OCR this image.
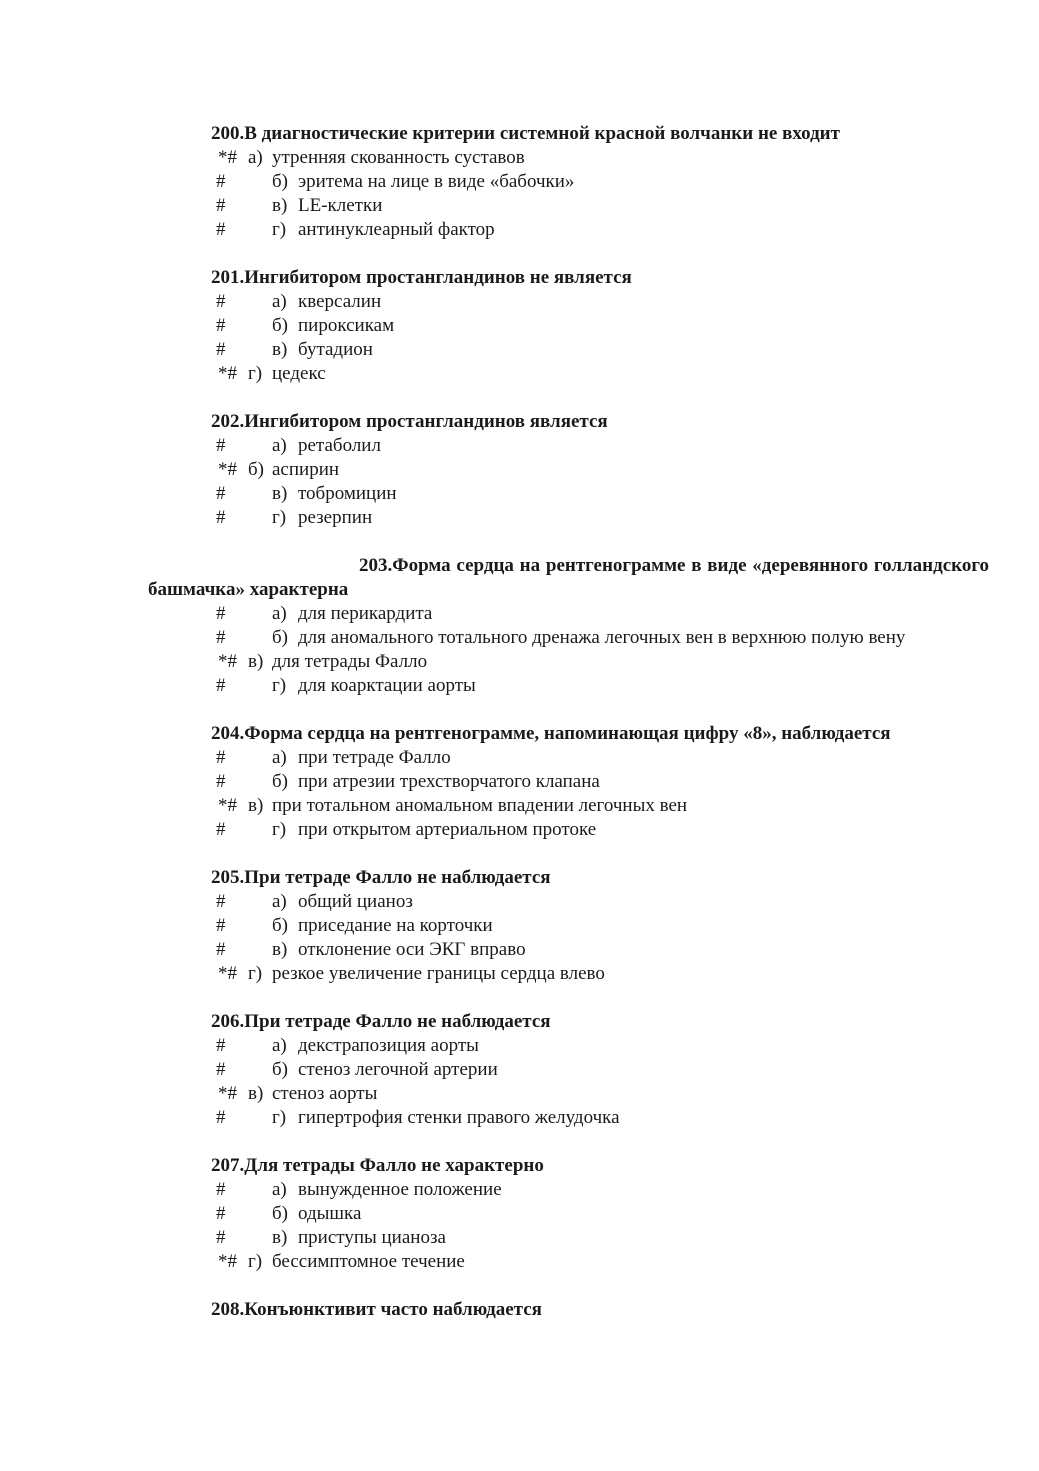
200.В диагностические критерии системной красной волчанки не входит
*# а) утренняя скованность суставов
# б) эритема на лице в виде «бабочки»
# в) LE-клетки
# г) антинуклеарный фактор
201.Ингибитором простангландинов не является
# а) кверсалин
# б) пироксикам
# в) бутадион
*# г) цедекс
202.Ингибитором простангландинов является
# а) ретаболил
*# б) аспирин
# в) тобромицин
# г) резерпин
203.Форма сердца на рентгенограмме в виде «деревянного голландского башмачка» характерна
# а) для перикардита
# б) для аномального тотального дренажа легочных вен в верхнюю полую вену
*# в) для тетрады Фалло
# г) для коарктации аорты
204.Форма сердца на рентгенограмме, напоминающая цифру «8», наблюдается
# а) при тетраде Фалло
# б) при атрезии трехстворчатого клапана
*# в) при тотальном аномальном впадении легочных вен
# г) при открытом артериальном протоке
205.При тетраде Фалло не наблюдается
# а) общий цианоз
# б) приседание на корточки
# в) отклонение оси ЭКГ вправо
*# г) резкое увеличение границы сердца влево
206.При тетраде Фалло не наблюдается
# а) декстрапозиция аорты
# б) стеноз легочной артерии
*# в) стеноз аорты
# г) гипертрофия стенки правого желудочка
207.Для тетрады Фалло не характерно
# а) вынужденное положение
# б) одышка
# в) приступы цианоза
*# г) бессимптомное течение
208.Конъюнктивит часто наблюдается
